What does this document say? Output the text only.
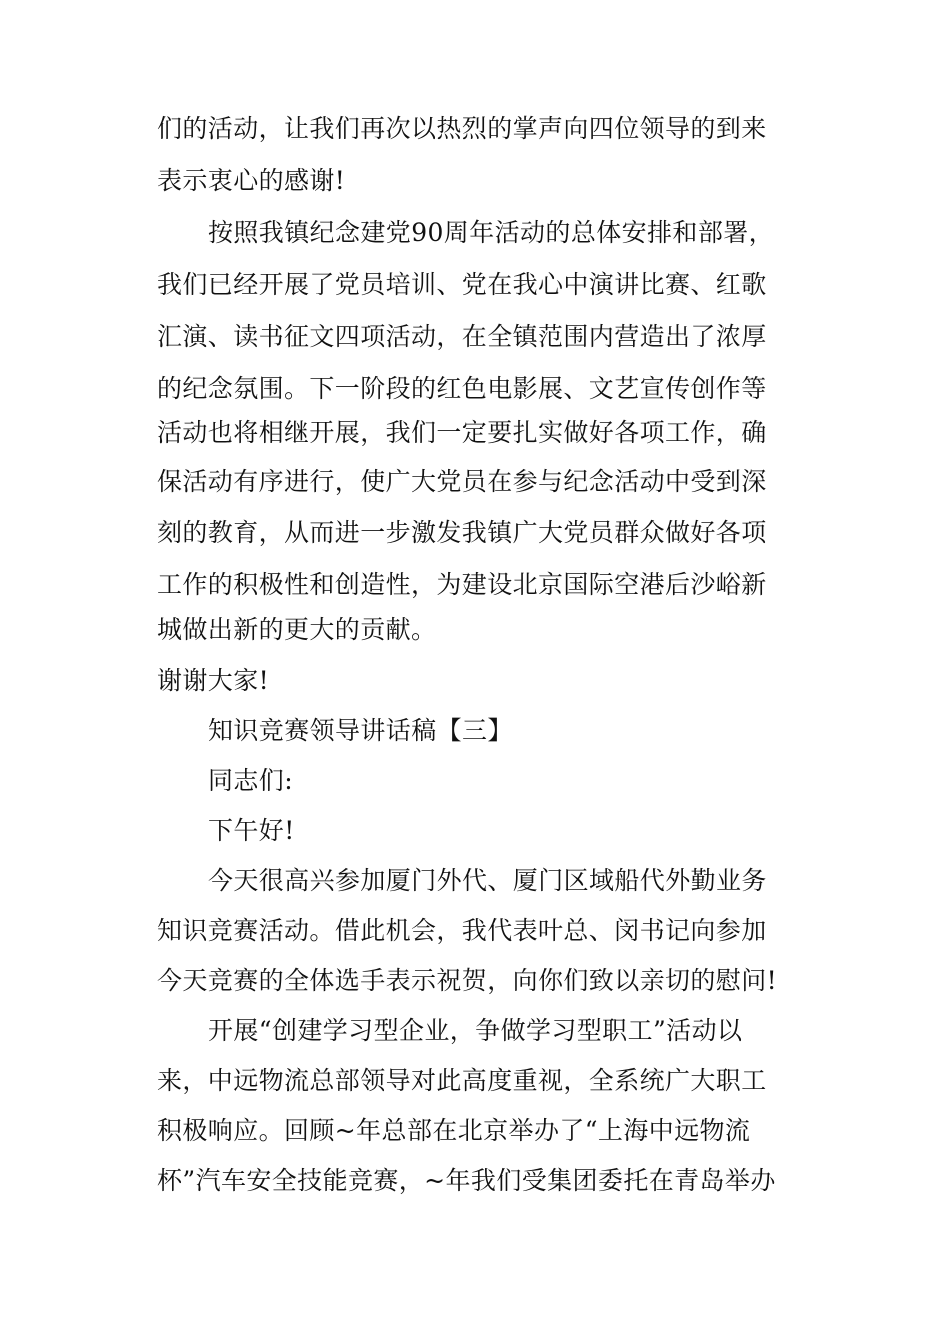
们的活动，让我们再次以热烈的掌声向四位领导的到来
表示衷心的感谢!
按照我镇纪念建党90周年活动的总体安排和部署，
我们已经开展了党员培训、党在我心中演讲比赛、红歌
汇演、读书征文四项活动，在全镇范围内营造出了浓厚
的纪念氛围。下一阶段的红色电影展、文艺宣传创作等
活动也将相继开展，我们一定要扎实做好各项工作，确
保活动有序进行，使广大党员在参与纪念活动中受到深
刻的教育，从而进一步激发我镇广大党员群众做好各项
工作的积极性和创造性，为建设北京国际空港后沙峪新
城做出新的更大的贡献。
谢谢大家!
知识竞赛领导讲话稿【三】
同志们:
下午好!
今天很高兴参加厦门外代、厦门区域船代外勤业务
知识竞赛活动。借此机会，我代表叶总、闵书记向参加
今天竞赛的全体选手表示祝贺，向你们致以亲切的慰问!
开展“创建学习型企业，争做学习型职工”活动以
来，中远物流总部领导对此高度重视，全系统广大职工
积极响应。回顾~年总部在北京举办了“上海中远物流
杯”汽车安全技能竞赛，~年我们受集团委托在青岛举办
